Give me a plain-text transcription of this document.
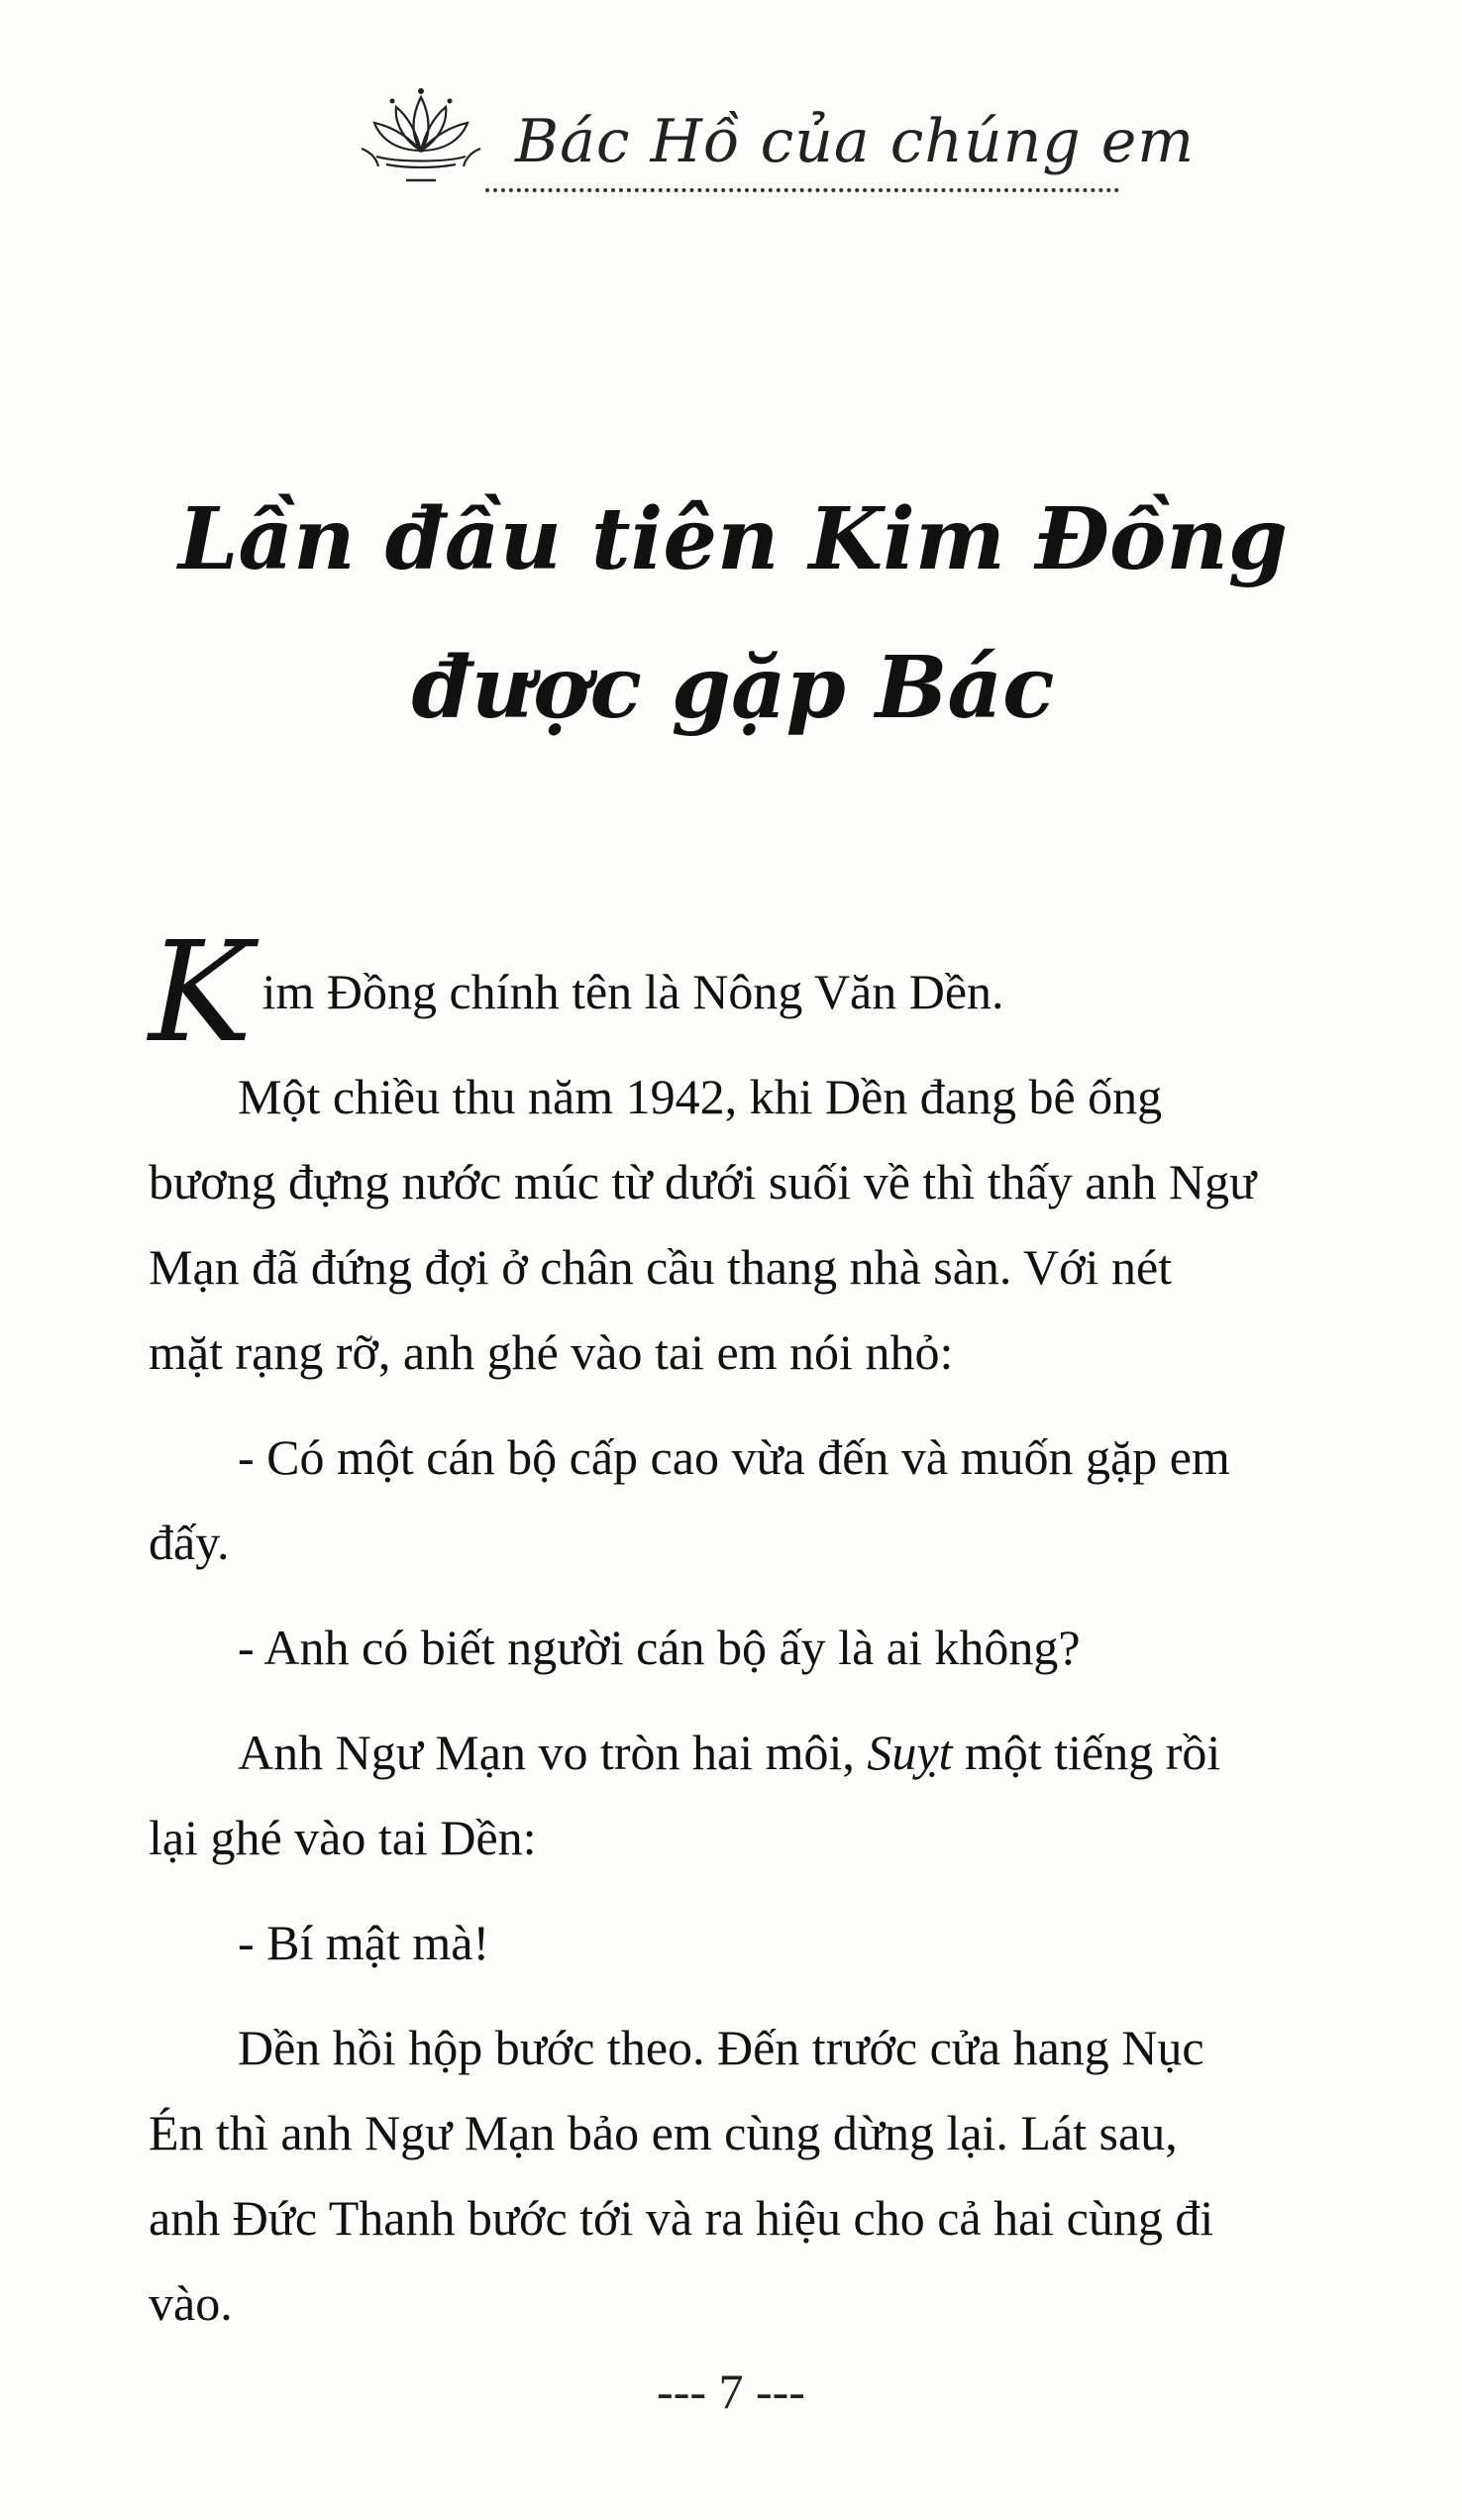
Bác Hồ của chúng em
Lần đầu tiên Kim Đồng
được gặp Bác

Kim Đồng chính tên là Nông Văn Dền.

Một chiều thu năm 1942, khi Dền đang bê ống bương đựng nước múc từ dưới suối về thì thấy anh Ngư Mạn đã đứng đợi ở chân cầu thang nhà sàn. Với nét mặt rạng rỡ, anh ghé vào tai em nói nhỏ:

- Có một cán bộ cấp cao vừa đến và muốn gặp em đấy.

- Anh có biết người cán bộ ấy là ai không?

Anh Ngư Mạn vo tròn hai môi, Suỵt một tiếng rồi lại ghé vào tai Dền:

- Bí mật mà!

Dền hồi hộp bước theo. Đến trước cửa hang Nục Én thì anh Ngư Mạn bảo em cùng dừng lại. Lát sau, anh Đức Thanh bước tới và ra hiệu cho cả hai cùng đi vào.

--- 7 ---
